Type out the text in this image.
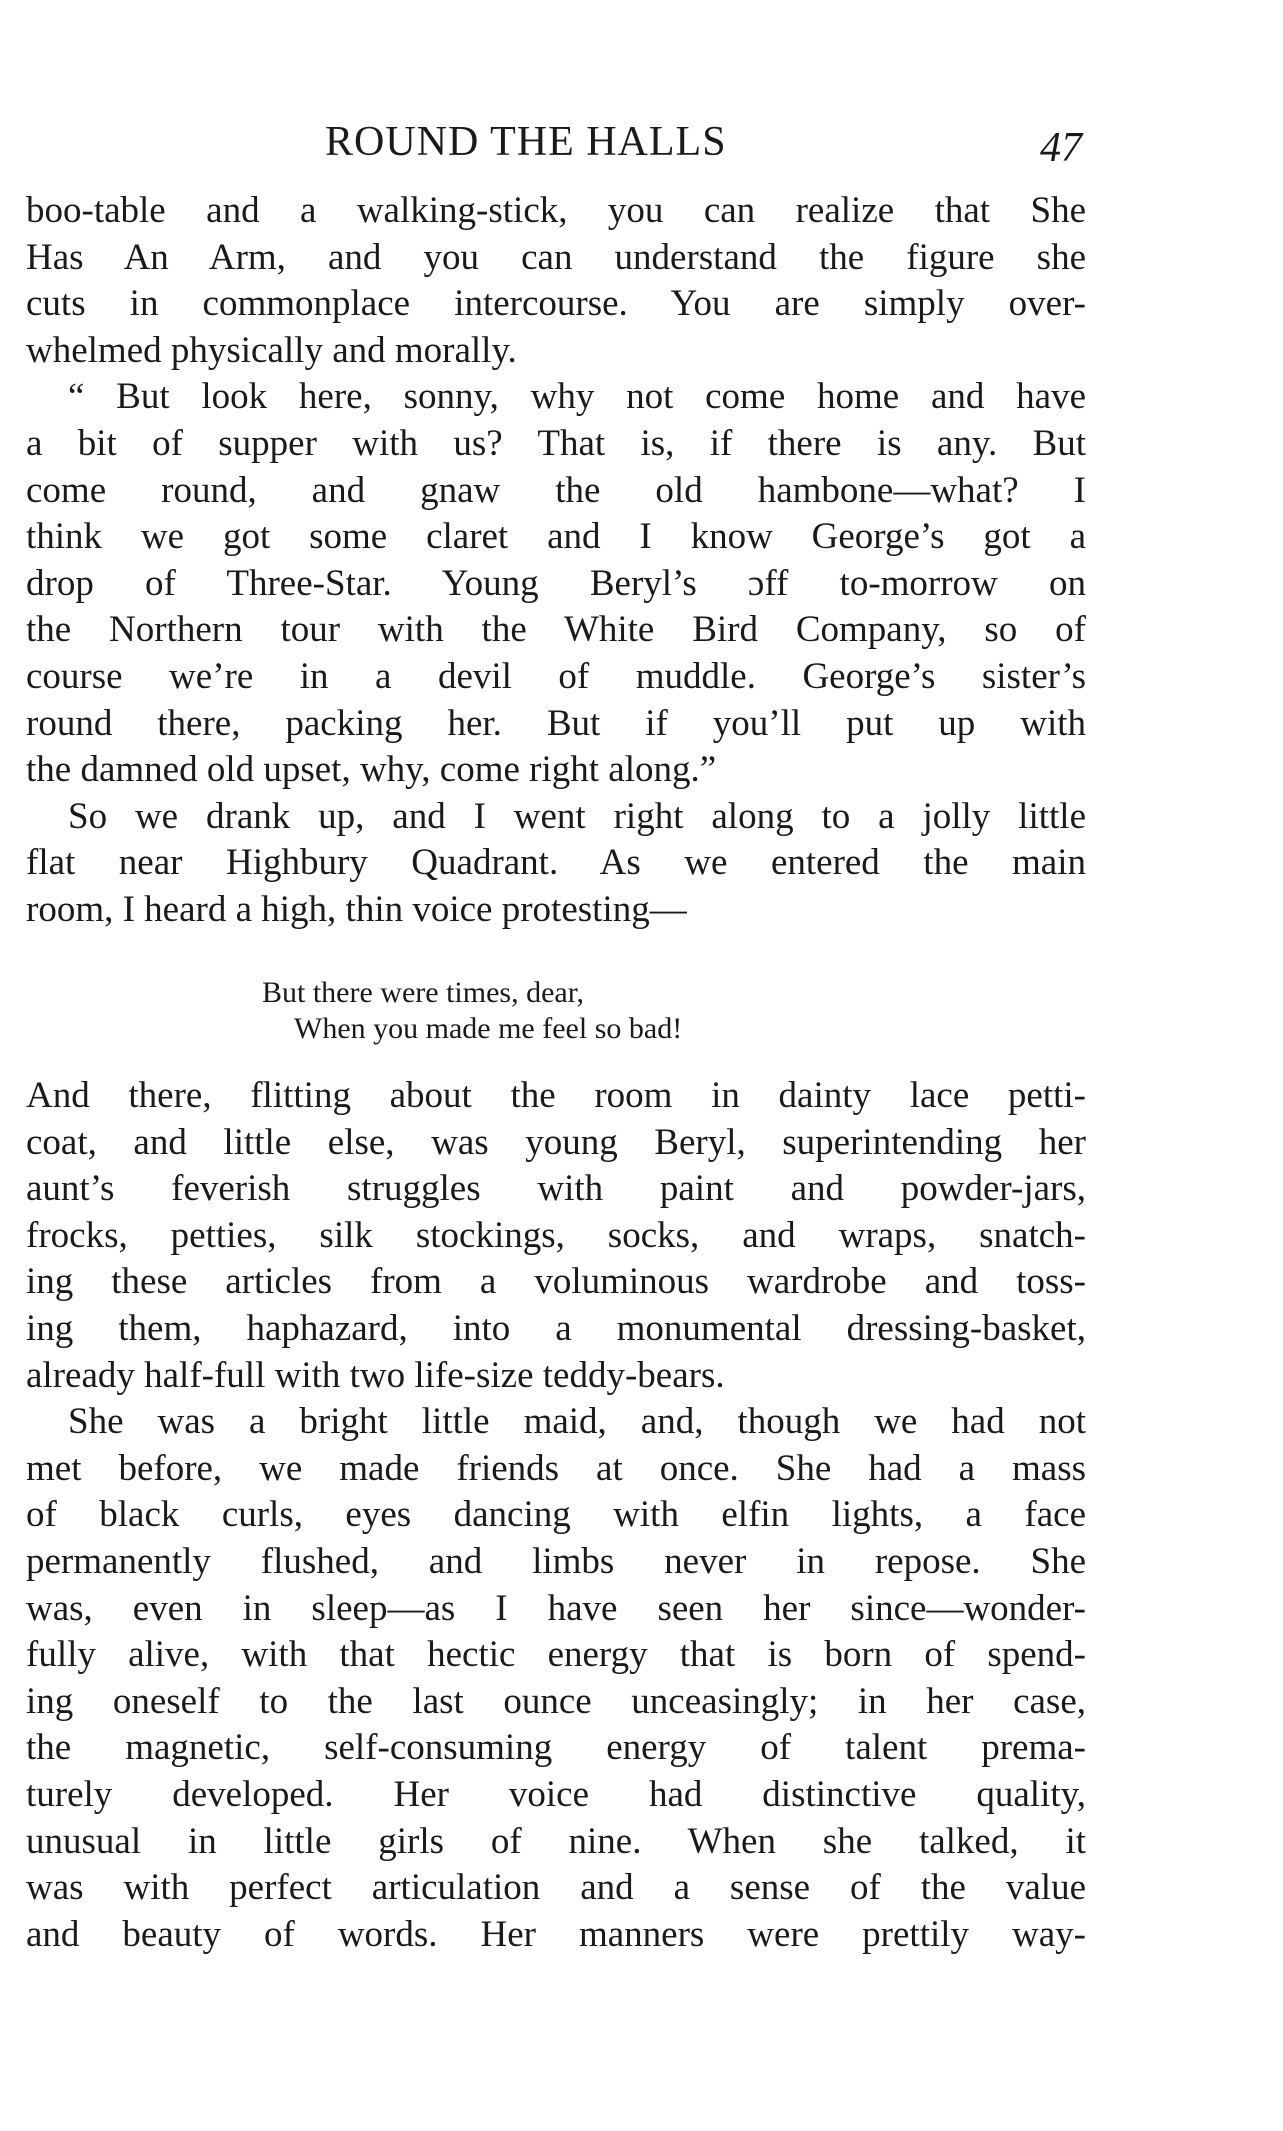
ROUND THE HALLS	47
boo-table and a walking-stick, you can realize that She
Has An Arm, and you can understand the figure she
cuts in commonplace intercourse. You are simply over-
whelmed physically and morally.
“ But look here, sonny, why not come home and have
a bit of supper with us? That is, if there is any. But
come round, and gnaw the old hambone—what? I
think we got some claret and I know George’s got a
drop of Three-Star. Young Beryl’s ɔff to-morrow on
the Northern tour with the White Bird Company, so of
course we’re in a devil of muddle. George’s sister’s
round there, packing her. But if you’ll put up with
the damned old upset, why, come right along.”
So we drank up, and I went right along to a jolly little
flat near Highbury Quadrant. As we entered the main
room, I heard a high, thin voice protesting—
But there were times, dear,
When you made me feel so bad!
And there, flitting about the room in dainty lace petti-
coat, and little else, was young Beryl, superintending her
aunt’s feverish struggles with paint and powder-jars,
frocks, petties, silk stockings, socks, and wraps, snatch-
ing these articles from a voluminous wardrobe and toss-
ing them, haphazard, into a monumental dressing-basket,
already half-full with two life-size teddy-bears.
She was a bright little maid, and, though we had not
met before, we made friends at once. She had a mass
of black curls, eyes dancing with elfin lights, a face
permanently flushed, and limbs never in repose. She
was, even in sleep—as I have seen her since—wonder-
fully alive, with that hectic energy that is born of spend-
ing oneself to the last ounce unceasingly; in her case,
the magnetic, self-consuming energy of talent prema-
turely developed. Her voice had distinctive quality,
unusual in little girls of nine. When she talked, it
was with perfect articulation and a sense of the value
and beauty of words. Her manners were prettily way-
